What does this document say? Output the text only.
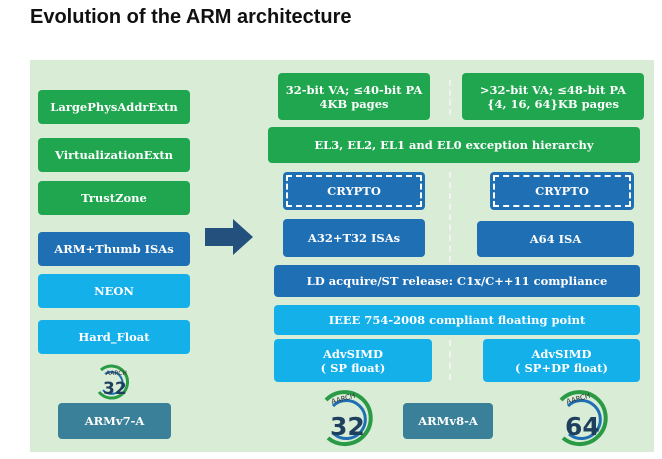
Evolution of the ARM architecture
LargePhysAddrExtn
VirtualizationExtn
TrustZone
ARM+Thumb ISAs
NEON
Hard_Float
AARCH
32
ARMv7-A
32-bit VA; ≤40-bit PA
4KB pages
>32-bit VA; ≤48-bit PA
{4, 16, 64}KB pages
EL3, EL2, EL1 and EL0 exception hierarchy
CRYPTO	CRYPTO
A32+T32 ISAs	A64 ISA
LD acquire/ST release: C1x/C++11 compliance
IEEE 754-2008 compliant floating point
AdvSIMD
( SP float)
AdvSIMD
( SP+DP float)
AARCH
32	ARMv8-A
AARCH
64
